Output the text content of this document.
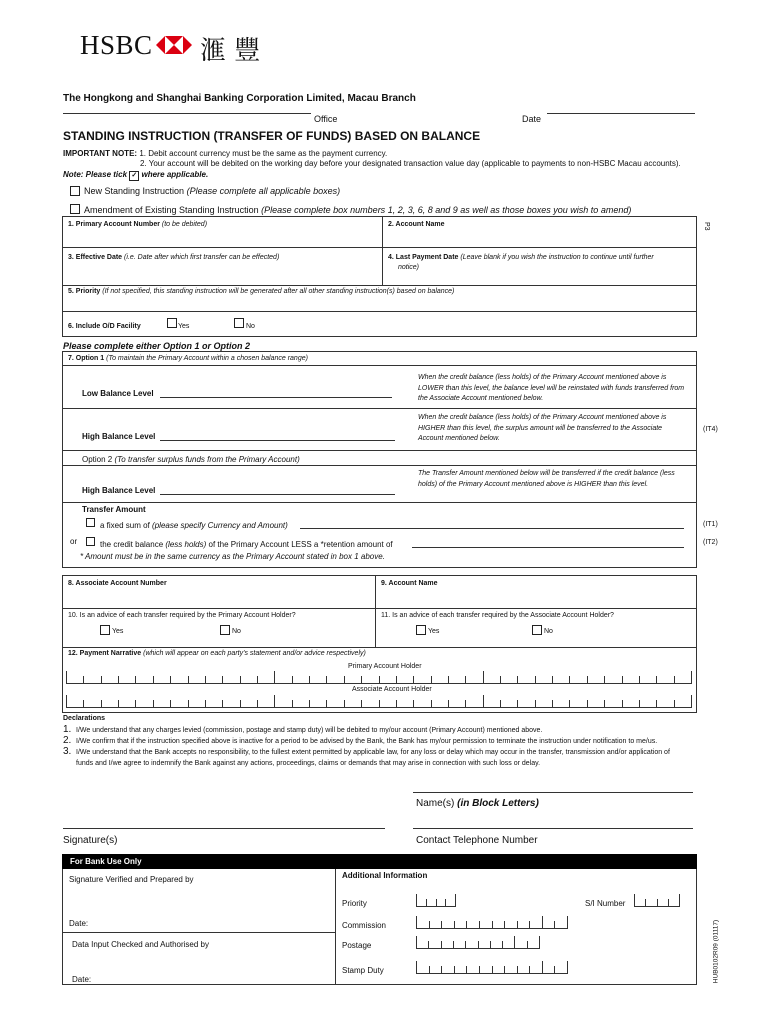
HSBC 滙 豐
The Hongkong and Shanghai Banking Corporation Limited, Macau Branch
Office	Date
STANDING INSTRUCTION (TRANSFER OF FUNDS) BASED ON BALANCE
IMPORTANT NOTE: 1. Debit account currency must be the same as the payment currency.
2. Your account will be debited on the working day before your designated transaction value day (applicable to payments to non-HSBC Macau accounts).
Note: Please tick ✓ where applicable.
New Standing Instruction (Please complete all applicable boxes)
Amendment of Existing Standing Instruction (Please complete box numbers 1, 2, 3, 6, 8 and 9 as well as those boxes you wish to amend)
1. Primary Account Number (to be debited)	2. Account Name
3. Effective Date (i.e. Date after which first transfer can be effected)	4. Last Payment Date (Leave blank if you wish the instruction to continue until further
notice)
5. Priority (If not specified, this standing instruction will be generated after all other standing instruction(s) based on balance)
6. Include O/D Facility	Yes	No
P3
Please complete either Option 1 or Option 2
7. Option 1 (To maintain the Primary Account within a chosen balance range)
Low Balance Level
When the credit balance (less holds) of the Primary Account mentioned above is LOWER than this level, the balance level will be reinstated with funds transferred from the Associate Account mentioned below.
High Balance Level
When the credit balance (less holds) of the Primary Account mentioned above is HIGHER than this level, the surplus amount will be transferred to the Associate Account mentioned below.
(IT4)
Option 2 (To transfer surplus funds from the Primary Account)
High Balance Level
The Transfer Amount mentioned below will be transferred if the credit balance (less holds) of the Primary Account mentioned above is HIGHER than this level.
Transfer Amount
a fixed sum of (please specify Currency and Amount)	(IT1)
or	the credit balance (less holds) of the Primary Account LESS a *retention amount of	(IT2)
* Amount must be in the same currency as the Primary Account stated in box 1 above.
8. Associate Account Number	9. Account Name
10. Is an advice of each transfer required by the Primary Account Holder?
Yes	No
11. Is an advice of each transfer required by the Associate Account Holder?
Yes	No
12. Payment Narrative (which will appear on each party's statement and/or advice respectively)
Primary Account Holder
Associate Account Holder
Declarations
1. I/We understand that any charges levied (commission, postage and stamp duty) will be debited to my/our account (Primary Account) mentioned above.
2. I/We confirm that if the instruction specified above is inactive for a period to be advised by the Bank, the Bank has my/our permission to terminate the instruction under notification to me/us.
3. I/We understand that the Bank accepts no responsibility, to the fullest extent permitted by applicable law, for any loss or delay which may occur in the transfer, transmission and/or application of
funds and I/we agree to indemnify the Bank against any actions, proceedings, claims or demands that may arise in connection with such loss or delay.
Name(s) (in Block Letters)
Signature(s)	Contact Telephone Number
For Bank Use Only
Signature Verified and Prepared by	Additional Information
Priority	S/I Number
Date:	Commission
Data Input Checked and Authorised by	Postage
Stamp Duty
Date:	HUB0102R09 (01117)
